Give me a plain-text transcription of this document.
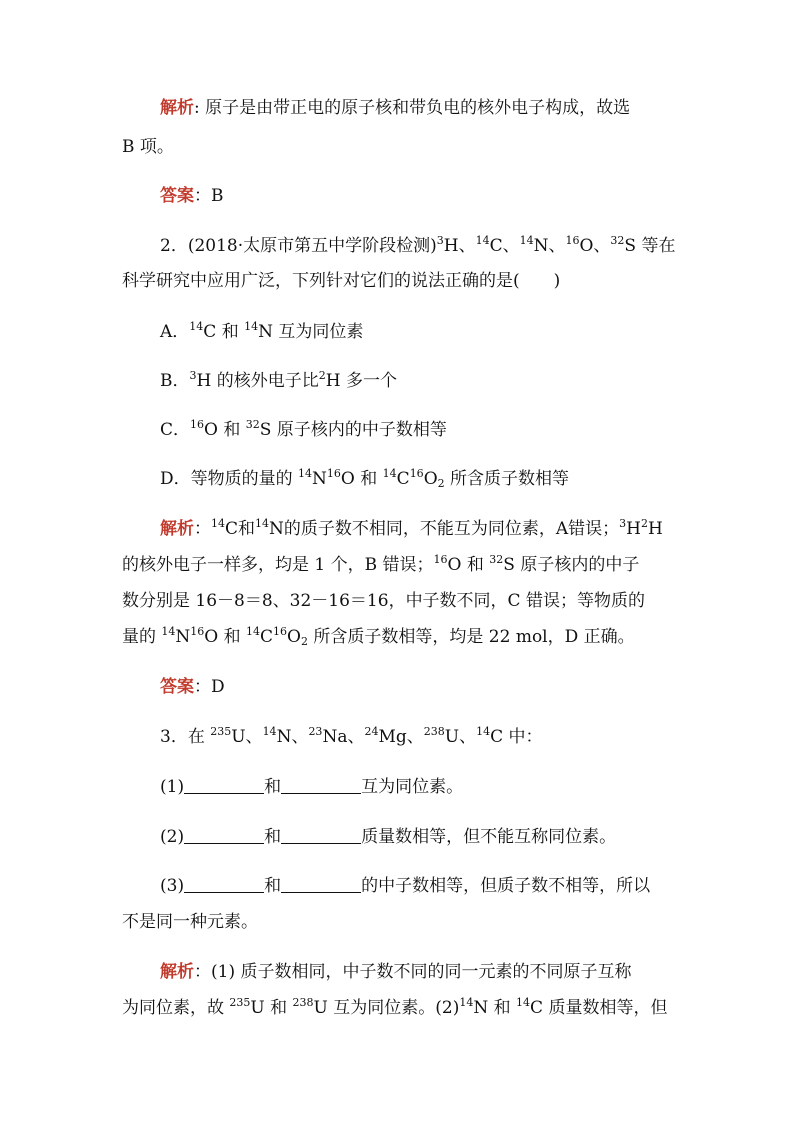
解析: 原子是由带正电的原子核和带负电的核外电子构成，故选
B 项。
答案：B
2．(2018·太原市第五中学阶段检测)$^3$H、$^{14}$C、$^{14}$N、$^{16}$O、$^{32}$S 等在
科学研究中应用广泛，下列针对它们的说法正确的是(　　)
A．$^{14}$C 和 $^{14}$N 互为同位素
B．$^3$H 的核外电子比$^2$H 多一个
C．$^{16}$O 和 $^{32}$S 原子核内的中子数相等
D．等物质的量的 $^{14}N^{16}O$ 和 $^{14}C^{16}O_2$ 所含质子数相等
解析：$^{14}$C和$^{14}$N的质子数不相同，不能互为同位素，A错误；$^3H^2H$
的核外电子一样多，均是 1 个，B 错误；$^{16}$O 和 $^{32}$S 原子核内的中子
数分别是 16－8＝8、32－16＝16，中子数不同，C 错误；等物质的
量的 $^{14}N^{16}O$ 和 $^{14}C^{16}O_2$ 所含质子数相等，均是 22 mol，D 正确。
答案：D
3．在 $^{235}$U、$^{14}$N、$^{23}$Na、$^{24}$Mg、$^{238}$U、$^{14}$C 中：
(1)	和	互为同位素。
(2)	和	质量数相等，但不能互称同位素。
(3)	和	的中子数相等，但质子数不相等，所以
不是同一种元素。
解析：(1) 质子数相同，中子数不同的同一元素的不同原子互称
为同位素，故 $^{235}$U 和 $^{238}$U 互为同位素。$(2)^{14}N$ 和 $^{14}$C 质量数相等，但
